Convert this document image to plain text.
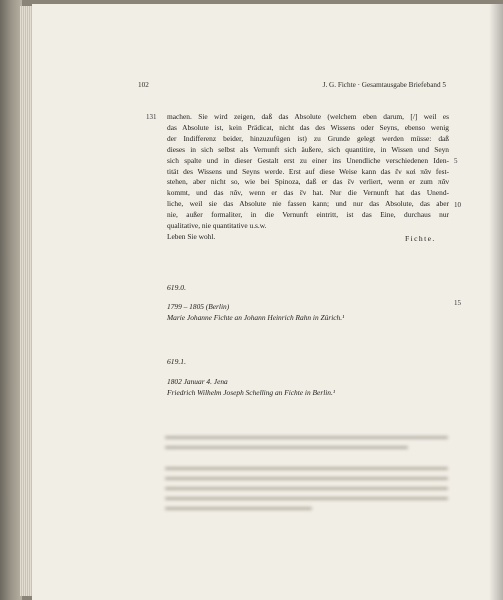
102	J. G. Fichte · Gesamtausgabe Briefeband 5
131
5
10
15
machen. Sie wird zeigen, daß das Absolute (welchem eben darum, [/] weil es
das Absolute ist, kein Prädicat, nicht das des Wissens oder Seyns, ebenso wenig
der Indifferenz beider, hinzuzufügen ist) zu Grunde gelegt werden müsse: daß
dieses in sich selbst als Vernunft sich äußere, sich quantitire, in Wissen und Seyn
sich spalte und in dieser Gestalt erst zu einer ins Unendliche verschiedenen Iden-
tität des Wissens und Seyns werde. Erst auf diese Weise kann das ἓν καὶ πᾶν fest-
stehen, aber nicht so, wie bei Spinoza, daß er das ἓν verliert, wenn er zum πᾶν
kommt, und das πᾶν, wenn er das ἓν hat. Nur die Vernunft hat das Unend-
liche, weil sie das Absolute nie fassen kann; und nur das Absolute, das aber
nie, außer formaliter, in die Vernunft eintritt, ist das Eine, durchaus nur
qualitative, nie quantitative u.s.w.
Leben Sie wohl.	Fichte.
619.0.
1799 – 1805 (Berlin)
Marie Johanne Fichte an Johann Heinrich Rahn in Zürich.¹
619.1.
1802 Januar 4. Jena
Friedrich Wilhelm Joseph Schelling an Fichte in Berlin.¹
